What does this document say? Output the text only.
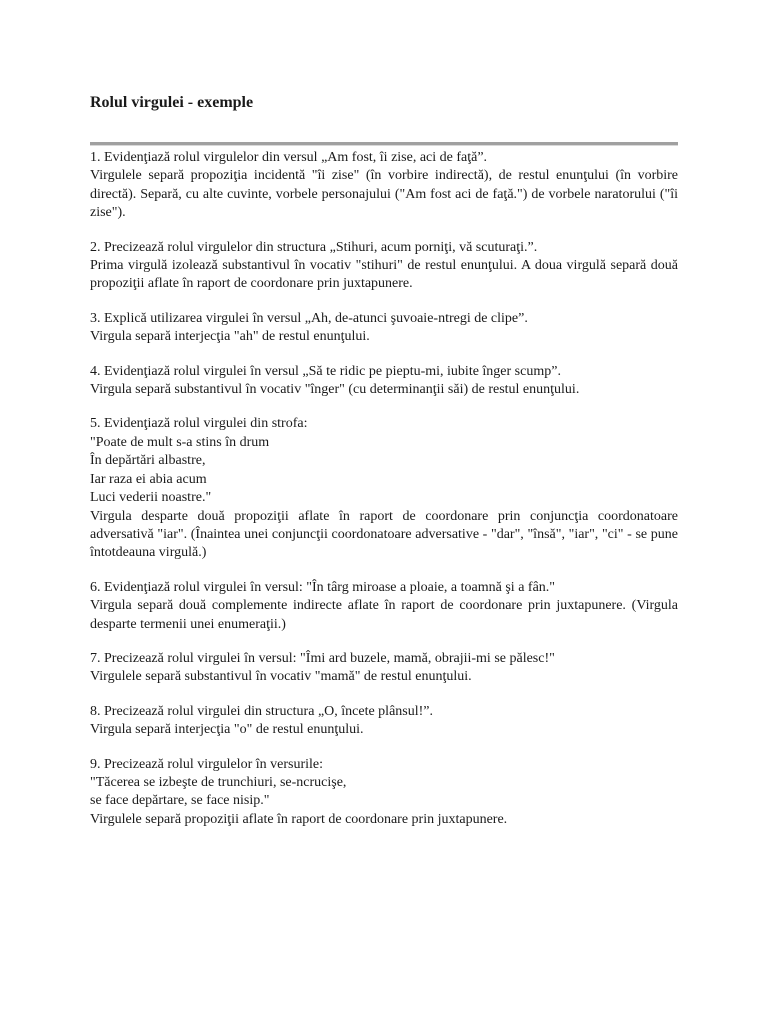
Rolul virgulei - exemple

1. Evidenţiază rolul virgulelor din versul „Am fost, îi zise, aci de faţă”.

Virgulele separă propoziţia incidentă "îi zise" (în vorbire indirectă), de restul enunţului (în vorbire directă). Separă, cu alte cuvinte, vorbele personajului ("Am fost aci de faţă.") de vorbele naratorului ("îi zise").

2. Precizează rolul virgulelor din structura „Stihuri, acum porniţi, vă scuturaţi.”.

Prima virgulă izolează substantivul în vocativ "stihuri" de restul enunţului. A doua virgulă separă două propoziţii aflate în raport de coordonare prin juxtapunere.

3. Explică utilizarea virgulei în versul „Ah, de-atunci şuvoaie-ntregi de clipe”.

Virgula separă interjecţia "ah" de restul enunţului.

4. Evidenţiază rolul virgulei în versul „Să te ridic pe pieptu-mi, iubite înger scump”.

Virgula separă substantivul în vocativ "înger" (cu determinanţii săi) de restul enunţului.

5. Evidenţiază rolul virgulei din strofa:

"Poate de mult s-a stins în drum

În depărtări albastre,

Iar raza ei abia acum

Luci vederii noastre."

Virgula desparte două propoziţii aflate în raport de coordonare prin conjuncţia coordonatoare adversativă "iar". (Înaintea unei conjuncţii coordonatoare adversative - "dar", "însă", "iar", "ci" - se pune întotdeauna virgulă.)

6. Evidenţiază rolul virgulei în versul: "În târg miroase a ploaie, a toamnă şi a fân."

Virgula separă două complemente indirecte aflate în raport de coordonare prin juxtapunere. (Virgula desparte termenii unei enumeraţii.)

7. Precizează rolul virgulei în versul: "Îmi ard buzele, mamă, obrajii-mi se pălesc!"

Virgulele separă substantivul în vocativ "mamă" de restul enunţului.

8. Precizează rolul virgulei din structura „O, încete plânsul!”.

Virgula separă interjecţia "o" de restul enunţului.

9. Precizează rolul virgulelor în versurile:

"Tăcerea se izbeşte de trunchiuri, se-ncrucişe,

se face depărtare, se face nisip."

Virgulele separă propoziţii aflate în raport de coordonare prin juxtapunere.
